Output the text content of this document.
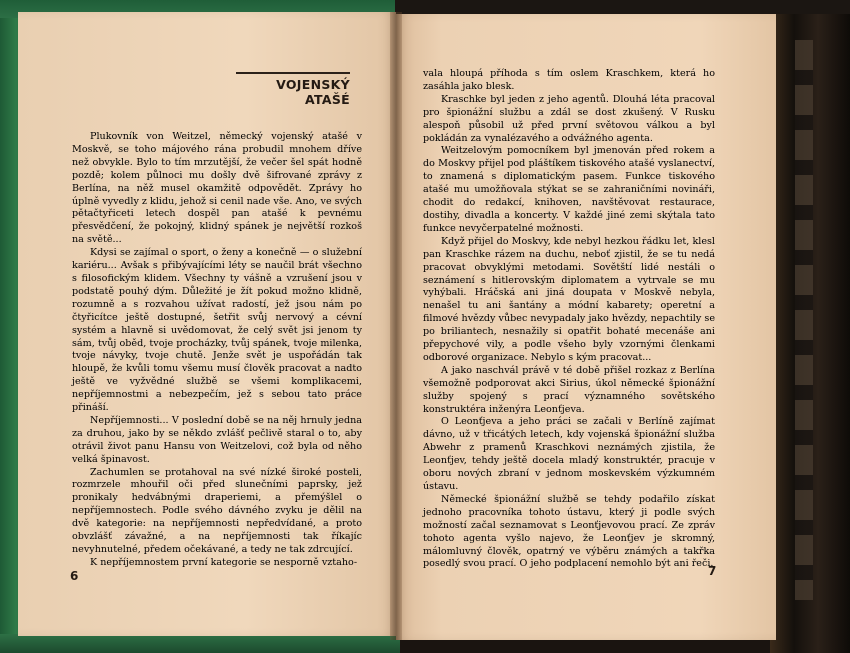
VOJENSKÝ ATAŠÉ

Plukovník von Weitzel, německý vojenský atašé v Moskvě, se toho májového rána probudil mnohem dříve než obvykle. Bylo to tím mrzutější, že večer šel spát hodně pozdě; kolem půlnoci mu došly dvě šifrované zprávy z Berlína, na něž musel okamžitě odpovědět. Zprávy ho úplně vyvedly z klidu, jehož si cenil nade vše. Ano, ve svých pětačtyřiceti letech dospěl pan atašé k pevnému přesvědčení, že pokojný, klidný spánek je největší rozkoš na světě...

Kdysi se zajímal o sport, o ženy a konečně — o služební kariéru... Avšak s přibývajícími léty se naučil brát všechno s filosofickým klidem. Všechny ty vášně a vzrušení jsou v podstatě pouhý dým. Důležité je žít pokud možno klidně, rozumně a s rozvahou užívat radostí, jež jsou nám po čtyřicítce ještě dostupné, šetřit svůj nervový a cévní systém a hlavně si uvědomovat, že celý svět jsi jenom ty sám, tvůj oběd, tvoje procházky, tvůj spánek, tvoje milenka, tvoje návyky, tvoje chutě. Jenže svět je uspořádán tak hloupě, že kvůli tomu všemu musí člověk pracovat a nadto ještě ve vyžvědné službě se všemi komplikacemi, nepříjemnostmi a nebezpečím, jež s sebou tato práce přináší.

Nepříjemnosti... V poslední době se na něj hrnuly jedna za druhou, jako by se někdo zvlášť pečlivě staral o to, aby otrávil život panu Hansu von Weitzelovi, což byla od něho velká špinavost.

Zachumlen se protahoval na své nízké široké posteli, rozmrzele mhouřil oči před slunečními paprsky, jež pronikaly hedvábnými draperiemi, a přemýšlel o nepříjemnostech. Podle svého dávného zvyku je dělil na dvě kategorie: na nepříjemnosti nepředvídané, a proto obvzlášť závažné, a na nepříjemnosti tak říkajíc nevyhnutelné, předem očekávané, a tedy ne tak zdrcující.

K nepříjemnostem první kategorie se nesporně vztaho-

6

vala hloupá příhoda s tím oslem Kraschkem, která ho zasáhla jako blesk.

Kraschke byl jeden z jeho agentů. Dlouhá léta pracoval pro špionážní službu a zdál se dost zkušený. V Rusku alespoň působil už před první světovou válkou a byl pokládán za vynalézavého a odvážného agenta.

Weitzelovým pomocníkem byl jmenován před rokem a do Moskvy přijel pod pláštíkem tiskového atašé vyslanectví, to znamená s diplomatickým pasem. Funkce tiskového atašé mu umožňovala stýkat se se zahraničními novináři, chodit do redakcí, knihoven, navštěvovat restaurace, dostihy, divadla a koncerty. V každé jiné zemi skýtala tato funkce nevyčerpatelné možnosti.

Když přijel do Moskvy, kde nebyl hezkou řádku let, klesl pan Kraschke rázem na duchu, neboť zjistil, že se tu nedá pracovat obvyklými metodami. Sovětští lidé nestáli o seznámení s hitlerovským diplomatem a vytrvale se mu vyhýbali. Hráčská ani jiná doupata v Moskvě nebyla, nenašel tu ani šantány a módní kabarety; operetní a filmové hvězdy vůbec nevypadaly jako hvězdy, nepachtily se po briliantech, nesnažily si opatřit bohaté mecenáše ani přepychové vily, a podle všeho byly vzornými členkami odborové organizace. Nebylo s kým pracovat...

A jako naschvál právě v té době přišel rozkaz z Berlína všemožně podporovat akci Sirius, úkol německé špionážní služby spojený s prací významného sovětského konstruktéra inženýra Leonťjeva.

O Leonťjeva a jeho práci se začali v Berlíně zajímat dávno, už v třicátých letech, kdy vojenská špionážní služba Abwehr z pramenů Kraschkovi neznámých zjistila, že Leonťjev, tehdy ještě docela mladý konstruktér, pracuje v oboru nových zbraní v jednom moskevském výzkumném ústavu.

Německé špionážní službě se tehdy podařilo získat jednoho pracovníka tohoto ústavu, který ji podle svých možností začal seznamovat s Leonťjevovou prací. Ze zpráv tohoto agenta vyšlo najevo, že Leonťjev je skromný, málomluvný člověk, opatrný ve výběru známých a takřka posedlý svou prací. O jeho podplacení nemohlo být ani řeči.

7
